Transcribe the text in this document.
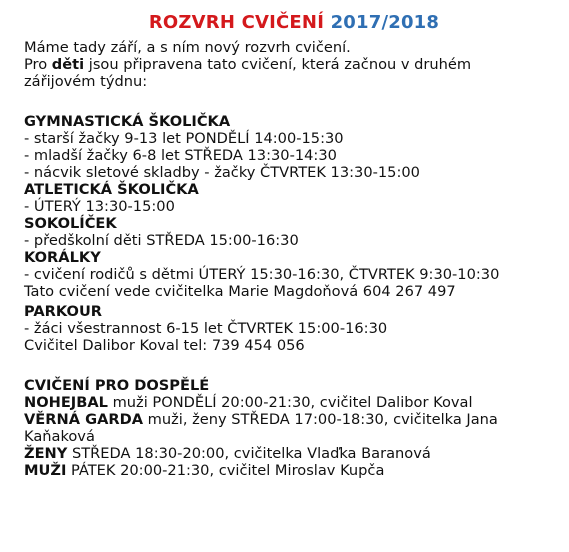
ROZVRH CVIČENÍ 2017/2018

Máme tady září, a s ním nový rozvrh cvičení.

Pro děti jsou připravena tato cvičení, která začnou v druhém

zářijovém týdnu:

GYMNASTICKÁ ŠKOLIČKA

- starší žačky 9-13 let PONDĚLÍ 14:00-15:30

- mladší žačky 6-8 let STŘEDA 13:30-14:30

- nácvik sletové skladby - žačky ČTVRTEK 13:30-15:00

ATLETICKÁ ŠKOLIČKA

- ÚTERÝ 13:30-15:00

SOKOLÍČEK

- předškolní děti STŘEDA 15:00-16:30

KORÁLKY

- cvičení rodičů s dětmi ÚTERÝ 15:30-16:30, ČTVRTEK 9:30-10:30

Tato cvičení vede cvičitelka Marie Magdoňová 604 267 497

PARKOUR

- žáci všestrannost 6-15 let ČTVRTEK 15:00-16:30

Cvičitel Dalibor Koval tel: 739 454 056

CVIČENÍ PRO DOSPĚLÉ

NOHEJBAL muži PONDĚLÍ 20:00-21:30, cvičitel Dalibor Koval

VĚRNÁ GARDA muži, ženy STŘEDA 17:00-18:30, cvičitelka Jana Kaňaková

ŽENY STŘEDA 18:30-20:00, cvičitelka Vlaďka Baranová

MUŽI PÁTEK 20:00-21:30, cvičitel Miroslav Kupča
